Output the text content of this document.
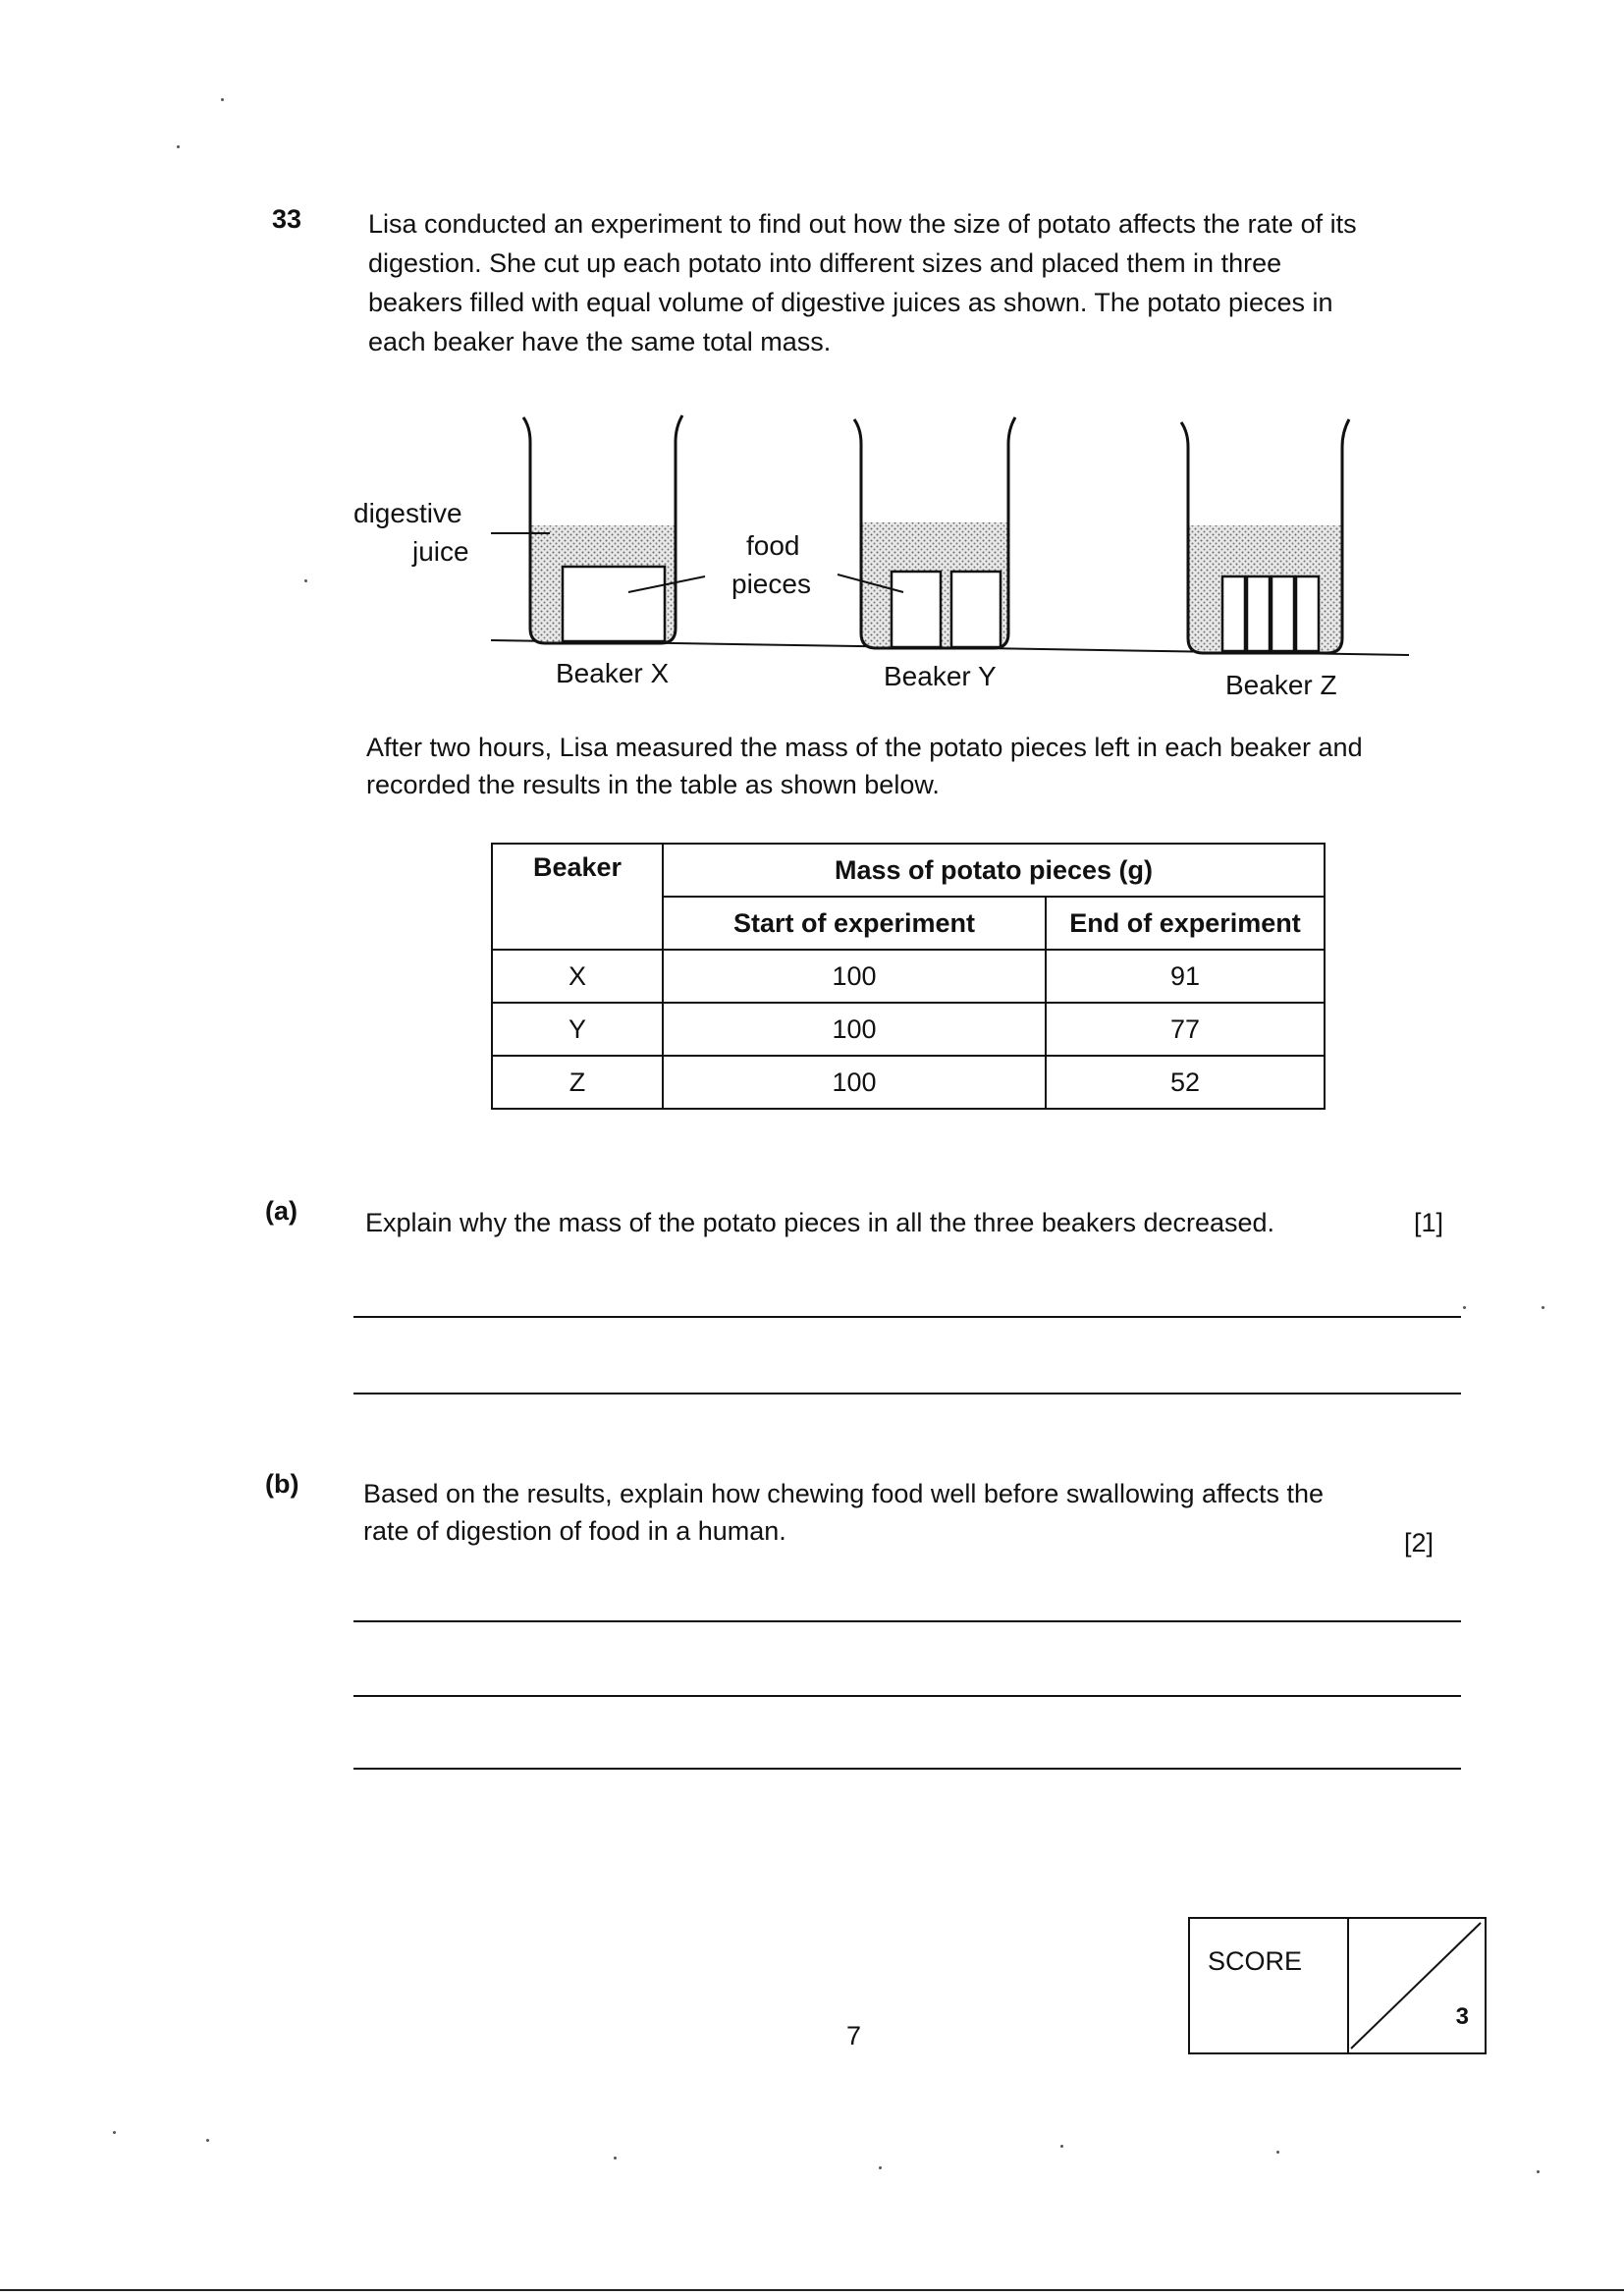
33	Lisa conducted an experiment to find out how the size of potato affects the rate of its
digestion. She cut up each potato into different sizes and placed them in three
beakers filled with equal volume of digestive juices as shown. The potato pieces in
each beaker have the same total mass.
digestive
juice	food
pieces
Beaker X	Beaker Y	Beaker Z
After two hours, Lisa measured the mass of the potato pieces left in each beaker and
recorded the results in the table as shown below.
Beaker	Mass of potato pieces (g)	
	Start of experiment	End of experiment
X	100	91
Y	100	77
Z	100	52
(a)	Explain why the mass of the potato pieces in all the three beakers decreased.	[1]
(b) Based on the results, explain how chewing food well before swallowing affects the
rate of digestion of food in a human.	[2]
SCORE
3
7
